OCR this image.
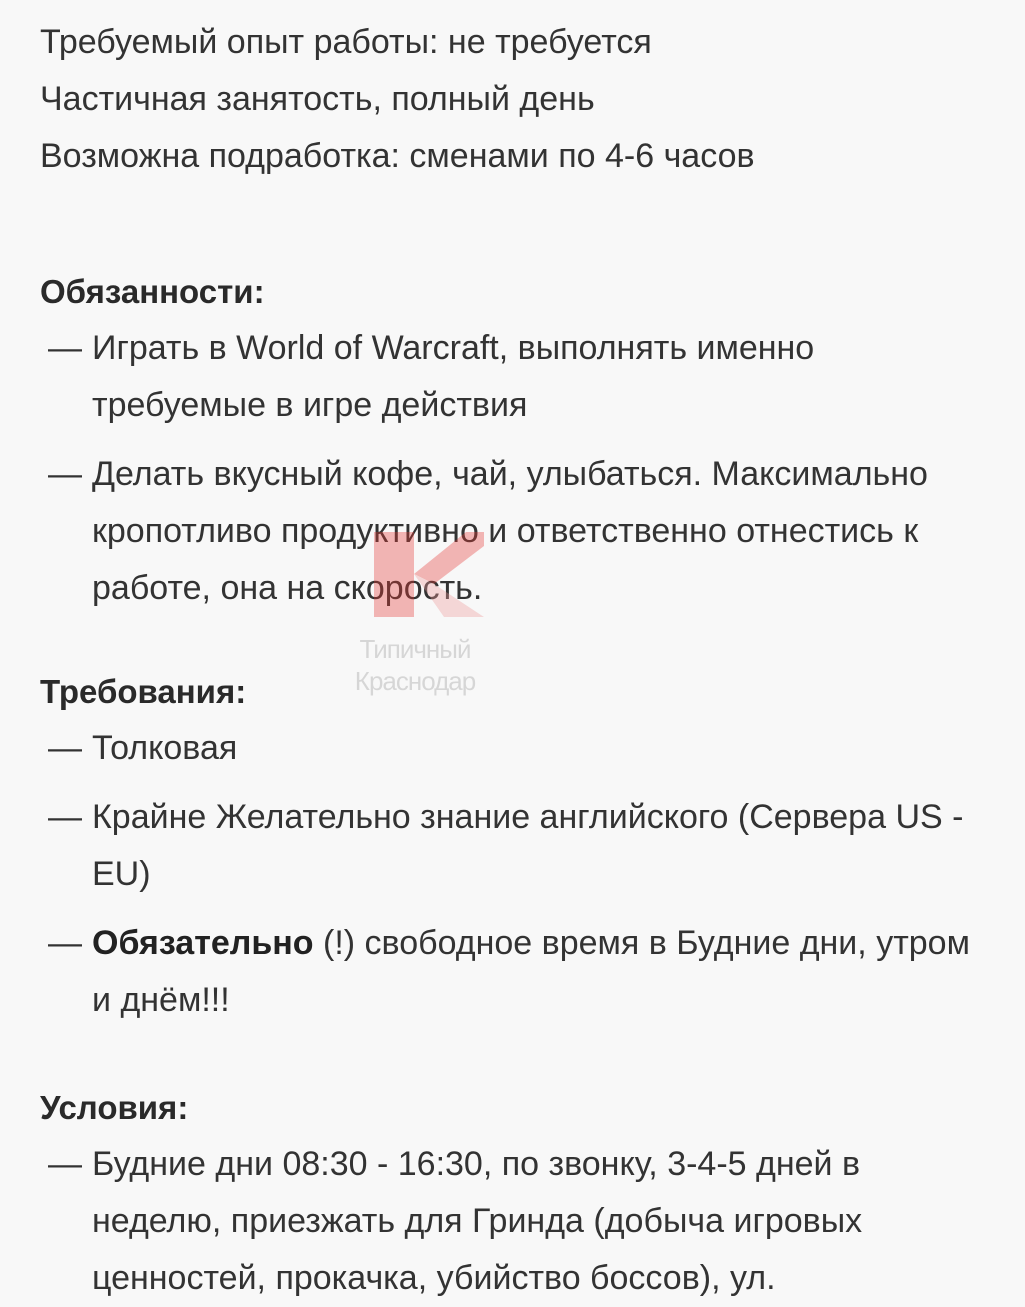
Требуемый опыт работы: не требуется
Частичная занятость, полный день
Возможна подработка: сменами по 4-6 часов
Обязанности:
— Играть в World of Warcraft, выполнять именно требуемые в игре действия
— Делать вкусный кофе, чай, улыбаться. Максимально кропотливо продуктивно и ответственно отнестись к работе, она на скорость.
Требования:
— Толковая
— Крайне Желательно знание английского (Сервера US - EU)
— Обязательно (!) свободное время в Будние дни, утром и днём!!!
Условия:
— Будние дни 08:30 - 16:30, по звонку, 3-4-5 дней в неделю, приезжать для Гринда (добыча игровых ценностей, прокачка, убийство боссов), ул.
Типичный
Краснодар
